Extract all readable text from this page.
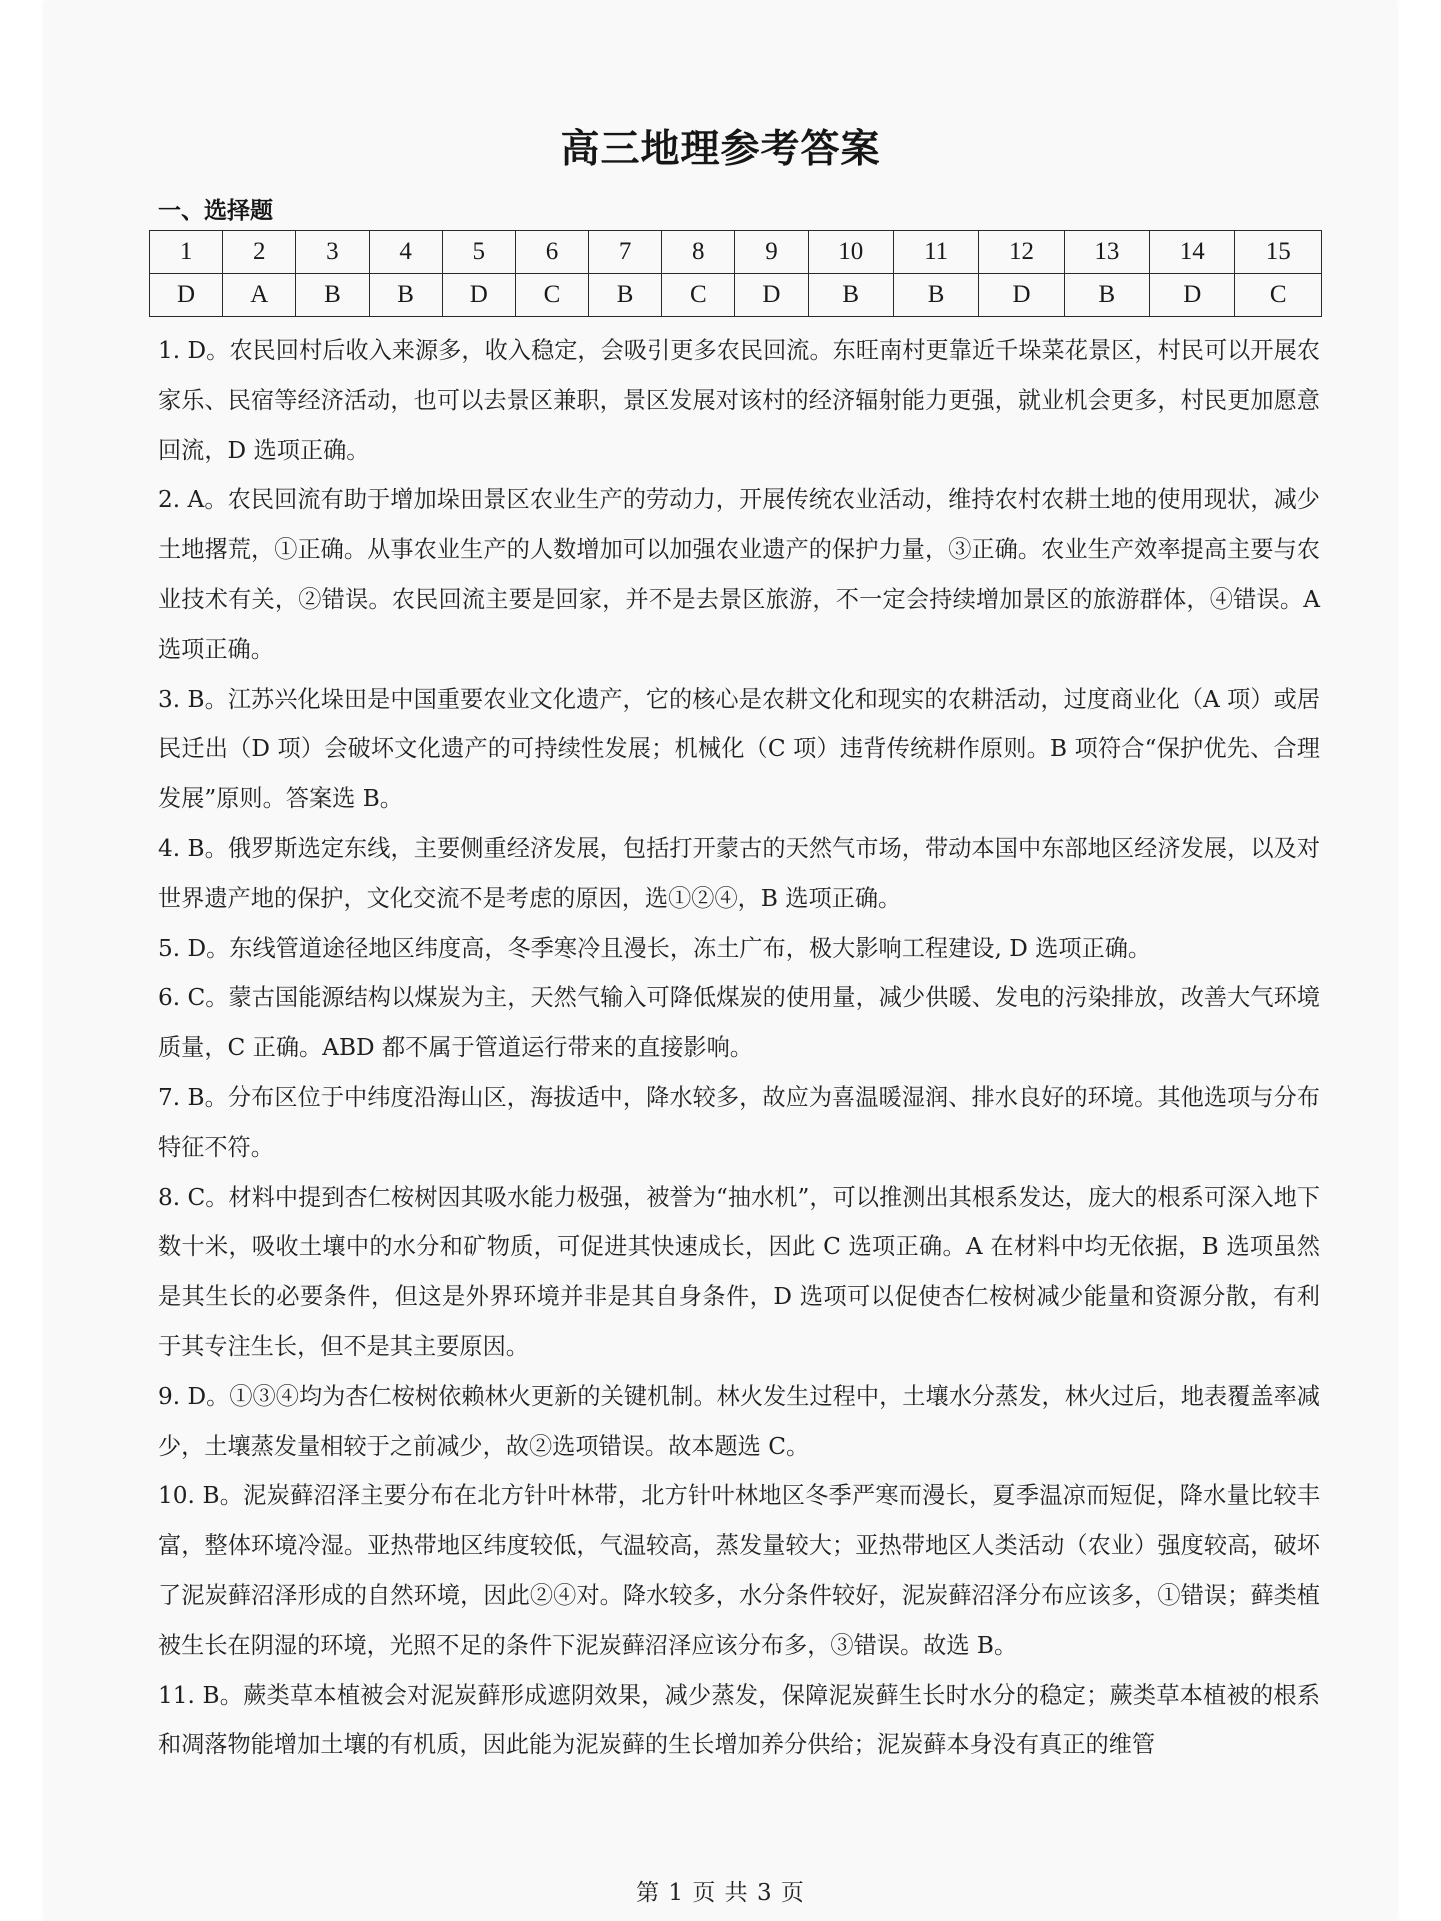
高三地理参考答案
一、选择题
1	2	3	4	5	6	7	8	9	10	11	12	13	14	15
D	A	B	B	D	C	B	C	D	B	B	D	B	D	C

1. D。农民回村后收入来源多，收入稳定，会吸引更多农民回流。东旺南村更靠近千垛菜花景区，村民可以开展农家乐、民宿等经济活动，也可以去景区兼职，景区发展对该村的经济辐射能力更强，就业机会更多，村民更加愿意回流，D 选项正确。

2. A。农民回流有助于增加垛田景区农业生产的劳动力，开展传统农业活动，维持农村农耕土地的使用现状，减少土地撂荒，①正确。从事农业生产的人数增加可以加强农业遗产的保护力量，③正确。农业生产效率提高主要与农业技术有关，②错误。农民回流主要是回家，并不是去景区旅游，不一定会持续增加景区的旅游群体，④错误。A 选项正确。

3. B。江苏兴化垛田是中国重要农业文化遗产，它的核心是农耕文化和现实的农耕活动，过度商业化（A 项）或居民迁出（D 项）会破坏文化遗产的可持续性发展；机械化（C 项）违背传统耕作原则。B 项符合“保护优先、合理发展”原则。答案选 B。

4. B。俄罗斯选定东线，主要侧重经济发展，包括打开蒙古的天然气市场，带动本国中东部地区经济发展，以及对世界遗产地的保护，文化交流不是考虑的原因，选①②④，B 选项正确。

5. D。东线管道途径地区纬度高，冬季寒冷且漫长，冻土广布，极大影响工程建设, D 选项正确。

6. C。蒙古国能源结构以煤炭为主，天然气输入可降低煤炭的使用量，减少供暖、发电的污染排放，改善大气环境质量，C 正确。ABD 都不属于管道运行带来的直接影响。

7. B。分布区位于中纬度沿海山区，海拔适中，降水较多，故应为喜温暖湿润、排水良好的环境。其他选项与分布特征不符。

8. C。材料中提到杏仁桉树因其吸水能力极强，被誉为“抽水机”，可以推测出其根系发达，庞大的根系可深入地下数十米，吸收土壤中的水分和矿物质，可促进其快速成长，因此 C 选项正确。A 在材料中均无依据，B 选项虽然是其生长的必要条件，但这是外界环境并非是其自身条件，D 选项可以促使杏仁桉树减少能量和资源分散，有利于其专注生长，但不是其主要原因。

9. D。①③④均为杏仁桉树依赖林火更新的关键机制。林火发生过程中，土壤水分蒸发，林火过后，地表覆盖率减少，土壤蒸发量相较于之前减少，故②选项错误。故本题选 C。

10. B。泥炭藓沼泽主要分布在北方针叶林带，北方针叶林地区冬季严寒而漫长，夏季温凉而短促，降水量比较丰富，整体环境冷湿。亚热带地区纬度较低，气温较高，蒸发量较大；亚热带地区人类活动（农业）强度较高，破坏了泥炭藓沼泽形成的自然环境，因此②④对。降水较多，水分条件较好，泥炭藓沼泽分布应该多，①错误；藓类植被生长在阴湿的环境，光照不足的条件下泥炭藓沼泽应该分布多，③错误。故选 B。

11. B。蕨类草本植被会对泥炭藓形成遮阴效果，减少蒸发，保障泥炭藓生长时水分的稳定；蕨类草本植被的根系和凋落物能增加土壤的有机质，因此能为泥炭藓的生长增加养分供给；泥炭藓本身没有真正的维管

第 1 页 共 3 页
